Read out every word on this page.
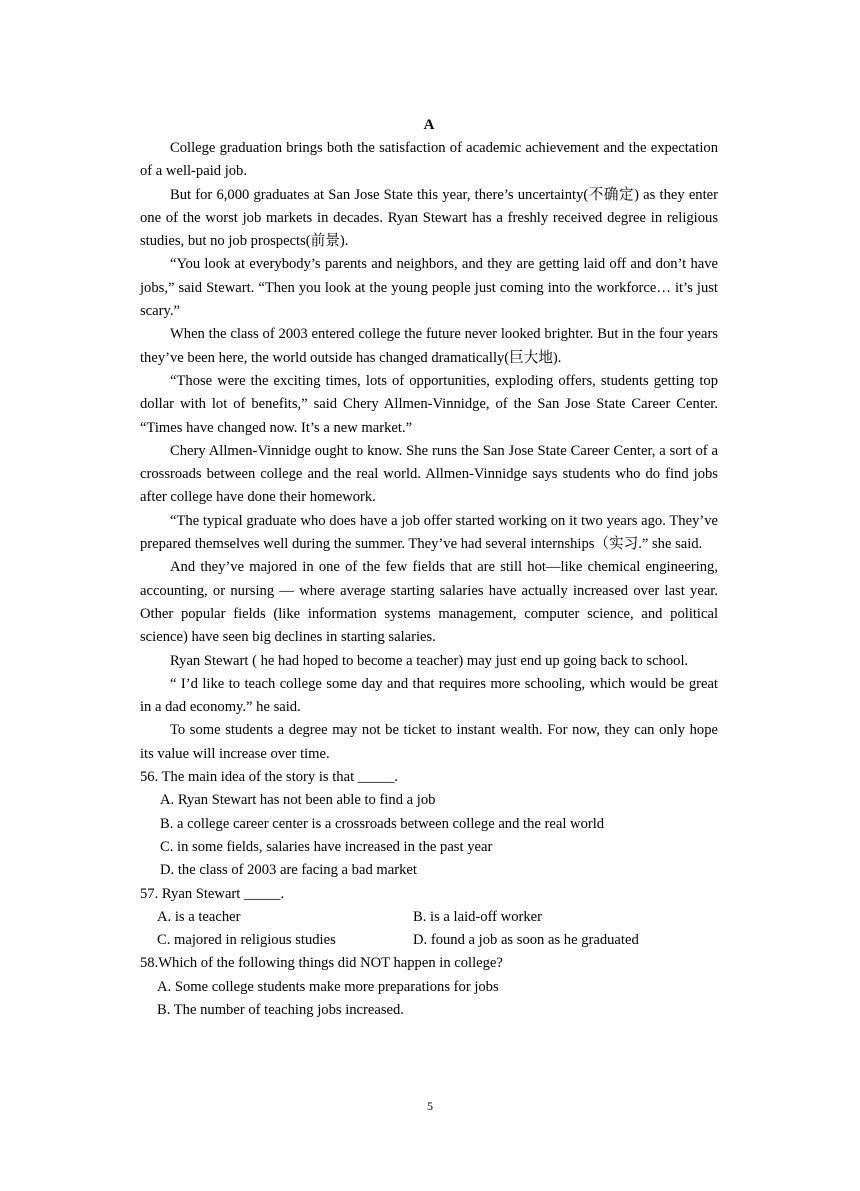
A

College graduation brings both the satisfaction of academic achievement and the expectation of a well-paid job.

But for 6,000 graduates at San Jose State this year, there’s uncertainty(不确定) as they enter one of the worst job markets in decades. Ryan Stewart has a freshly received degree in religious studies, but no job prospects(前景).

“You look at everybody’s parents and neighbors, and they are getting laid off and don’t have jobs,” said Stewart. “Then you look at the young people just coming into the workforce… it’s just scary.”

When the class of 2003 entered college the future never looked brighter. But in the four years they’ve been here, the world outside has changed dramatically(巨大地).

“Those were the exciting times, lots of opportunities, exploding offers, students getting top dollar with lot of benefits,” said Chery Allmen-Vinnidge, of the San Jose State Career Center. “Times have changed now. It’s a new market.”

Chery Allmen-Vinnidge ought to know. She runs the San Jose State Career Center, a sort of a crossroads between college and the real world. Allmen-Vinnidge says students who do find jobs after college have done their homework.

“The typical graduate who does have a job offer started working on it two years ago. They’ve prepared themselves well during the summer. They’ve had several internships（实习.” she said.

And they’ve majored in one of the few fields that are still hot—like chemical engineering, accounting, or nursing — where average starting salaries have actually increased over last year. Other popular fields (like information systems management, computer science, and political science) have seen big declines in starting salaries.

Ryan Stewart ( he had hoped to become a teacher) may just end up going back to school.

“ I’d like to teach college some day and that requires more schooling, which would be great in a dad economy.” he said.

To some students a degree may not be ticket to instant wealth. For now, they can only hope its value will increase over time.

56. The main idea of the story is that _____.

A. Ryan Stewart has not been able to find a job

B. a college career center is a crossroads between college and the real world

C. in some fields, salaries have increased in the past year

D. the class of 2003 are facing a bad market

57. Ryan Stewart _____.

A. is a teacher	B. is a laid-off worker
C. majored in religious studies	D. found a job as soon as he graduated

58.Which of the following things did NOT happen in college?

A. Some college students make more preparations for jobs

B. The number of teaching jobs increased.

5
